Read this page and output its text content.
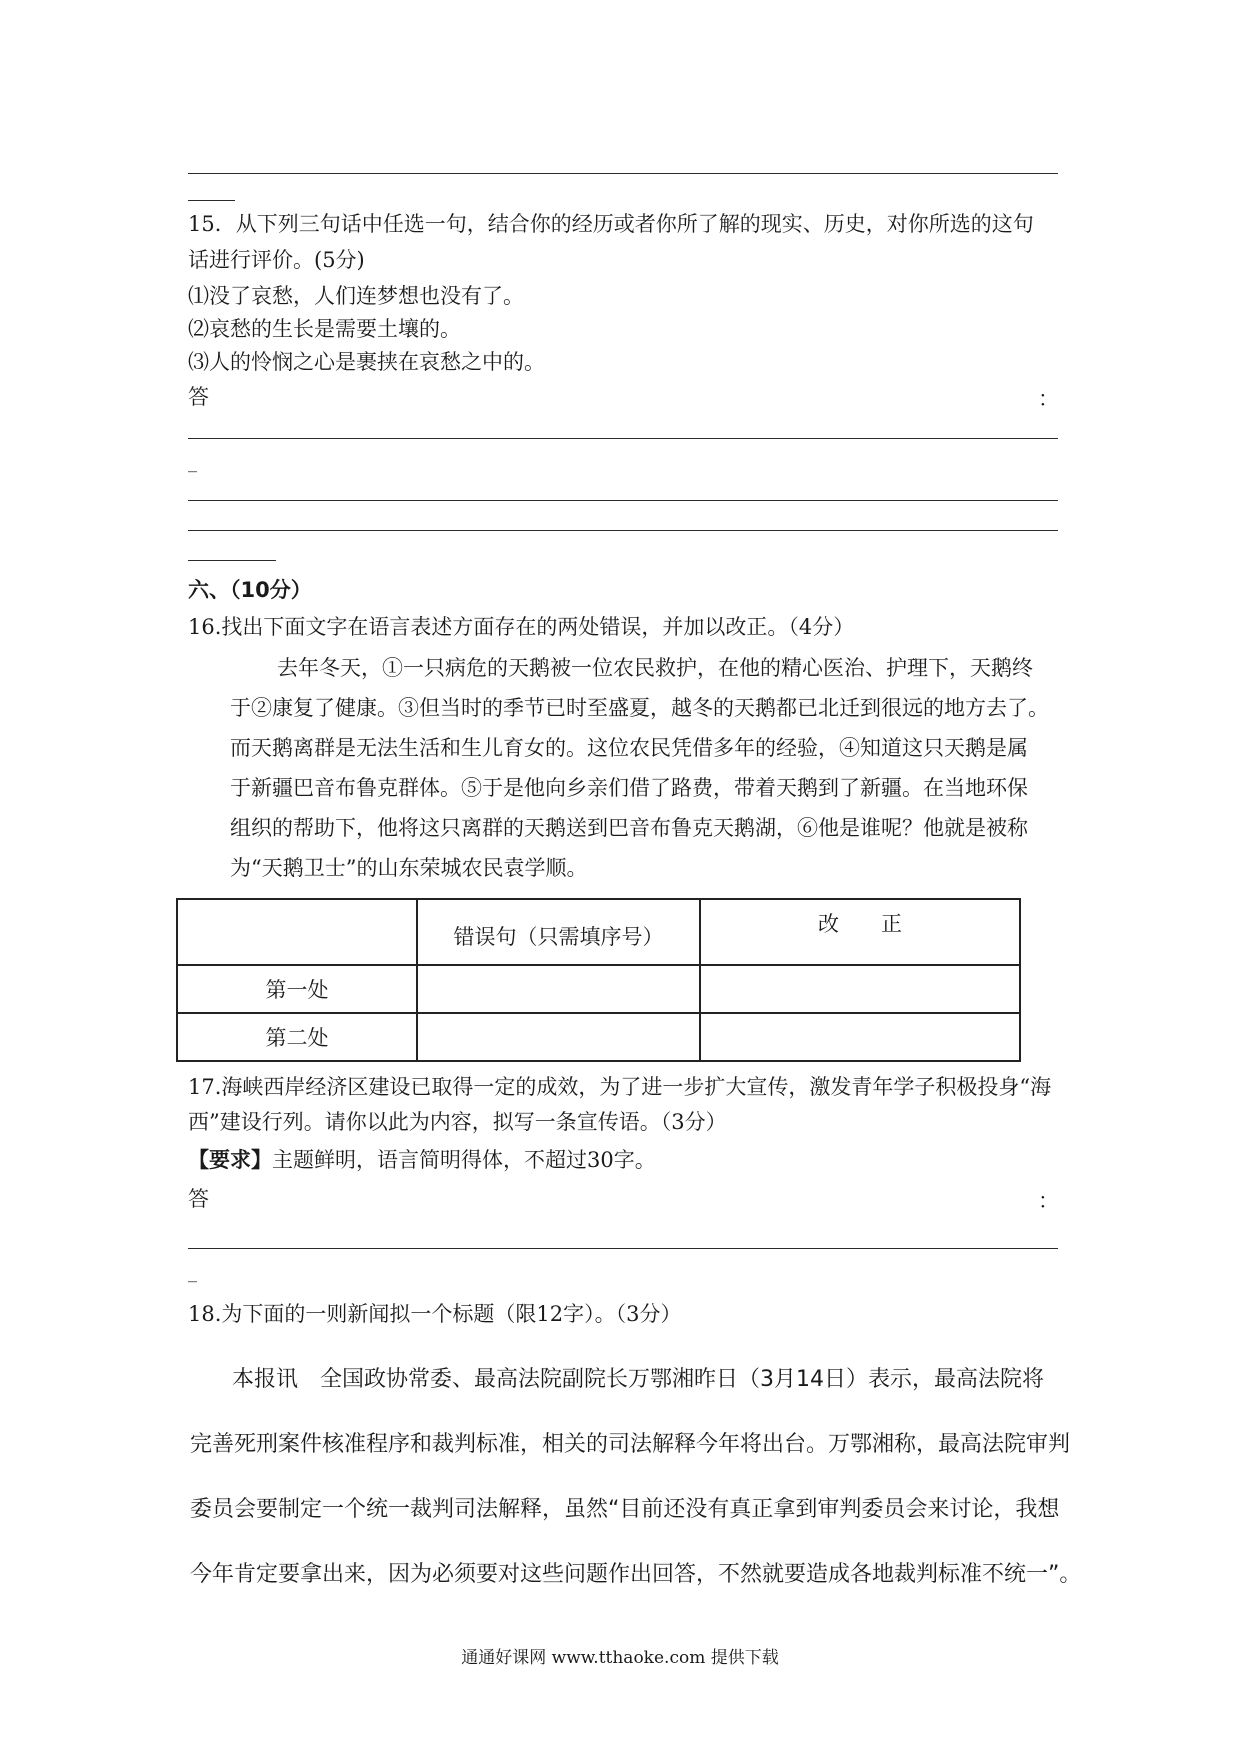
15．从下列三句话中任选一句，结合你的经历或者你所了解的现实、历史，对你所选的这句
话进行评价。(5分)
⑴没了哀愁，人们连梦想也没有了。
⑵哀愁的生长是需要土壤的。
⑶人的怜悯之心是裹挟在哀愁之中的。
答	：
_
六、（10分）
16.找出下面文字在语言表述方面存在的两处错误，并加以改正。（4分）
去年冬天，①一只病危的天鹅被一位农民救护，在他的精心医治、护理下，天鹅终
于②康复了健康。③但当时的季节已时至盛夏，越冬的天鹅都已北迁到很远的地方去了。
而天鹅离群是无法生活和生儿育女的。这位农民凭借多年的经验，④知道这只天鹅是属
于新疆巴音布鲁克群体。⑤于是他向乡亲们借了路费，带着天鹅到了新疆。在当地环保
组织的帮助下，他将这只离群的天鹅送到巴音布鲁克天鹅湖，⑥他是谁呢？他就是被称
为“天鹅卫士”的山东荣城农民袁学顺。
	错误句（只需填序号）	改　　正
第一处		
第二处		
17.海峡西岸经济区建设已取得一定的成效，为了进一步扩大宣传，激发青年学子积极投身“海
西”建设行列。请你以此为内容，拟写一条宣传语。（3分）
【要求】主题鲜明，语言简明得体，不超过30字。
答	：
_
18.为下面的一则新闻拟一个标题（限12字）。（3分）
本报讯　全国政协常委、最高法院副院长万鄂湘昨日（3月14日）表示，最高法院将
完善死刑案件核准程序和裁判标准，相关的司法解释今年将出台。万鄂湘称，最高法院审判
委员会要制定一个统一裁判司法解释，虽然“目前还没有真正拿到审判委员会来讨论，我想
今年肯定要拿出来，因为必须要对这些问题作出回答，不然就要造成各地裁判标准不统一”。
通通好课网 www.tthaoke.com 提供下载
